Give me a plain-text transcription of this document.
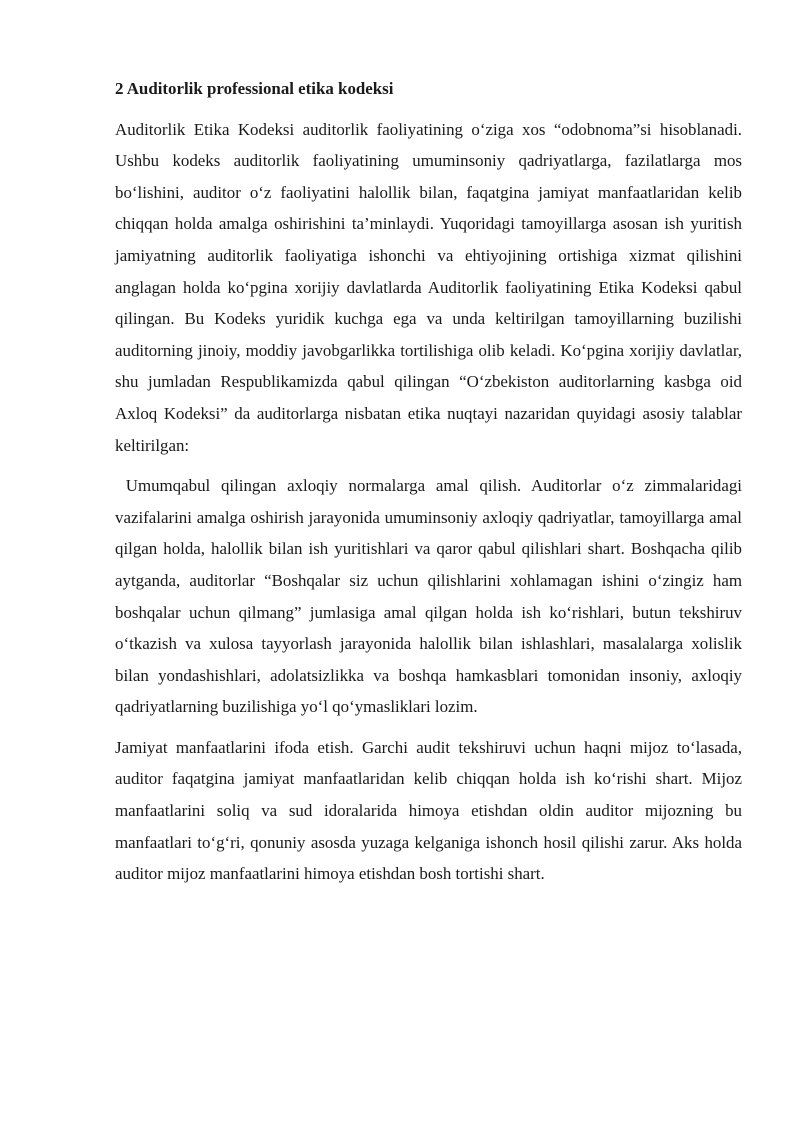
2 Auditorlik professional etika kodeksi
Auditorlik Etika Kodeksi auditorlik faoliyatining o‘ziga xos “odobnoma”si hisoblanadi. Ushbu kodeks auditorlik faoliyatining umuminsoniy qadriyatlarga, fazilatlarga mos bo‘lishini, auditor o‘z faoliyatini halollik bilan, faqatgina jamiyat manfaatlaridan kelib chiqqan holda amalga oshirishini ta’minlaydi. Yuqoridagi tamoyillarga asosan ish yuritish jamiyatning auditorlik faoliyatiga ishonchi va ehtiyojining ortishiga xizmat qilishini anglagan holda ko‘pgina xorijiy davlatlarda Auditorlik faoliyatining Etika Kodeksi qabul qilingan. Bu Kodeks yuridik kuchga ega va unda keltirilgan tamoyillarning buzilishi auditorning jinoiy, moddiy javobgarlikka tortilishiga olib keladi. Ko‘pgina xorijiy davlatlar, shu jumladan Respublikamizda qabul qilingan “O‘zbekiston auditorlarning kasbga oid Axloq Kodeksi” da auditorlarga nisbatan etika nuqtayi nazaridan quyidagi asosiy talablar keltirilgan:
Umumqabul qilingan axloqiy normalarga amal qilish. Auditorlar o‘z zimmalaridagi vazifalarini amalga oshirish jarayonida umuminsoniy axloqiy qadriyatlar, tamoyillarga amal qilgan holda, halollik bilan ish yuritishlari va qaror qabul qilishlari shart. Boshqacha qilib aytganda, auditorlar “Boshqalar siz uchun qilishlarini xohlamagan ishini o‘zingiz ham boshqalar uchun qilmang” jumlasiga amal qilgan holda ish ko‘rishlari, butun tekshiruv o‘tkazish va xulosa tayyorlash jarayonida halollik bilan ishlashlari, masalalarga xolislik bilan yondashishlari, adolatsizlikka va boshqa hamkasblari tomonidan insoniy, axloqiy qadriyatlarning buzilishiga yo‘l qo‘ymasliklari lozim.
Jamiyat manfaatlarini ifoda etish. Garchi audit tekshiruvi uchun haqni mijoz to‘lasada, auditor faqatgina jamiyat manfaatlaridan kelib chiqqan holda ish ko‘rishi shart. Mijoz manfaatlarini soliq va sud idoralarida himoya etishdan oldin auditor mijozning bu manfaatlari to‘g‘ri, qonuniy asosda yuzaga kelganiga ishonch hosil qilishi zarur. Aks holda auditor mijoz manfaatlarini himoya etishdan bosh tortishi shart.
